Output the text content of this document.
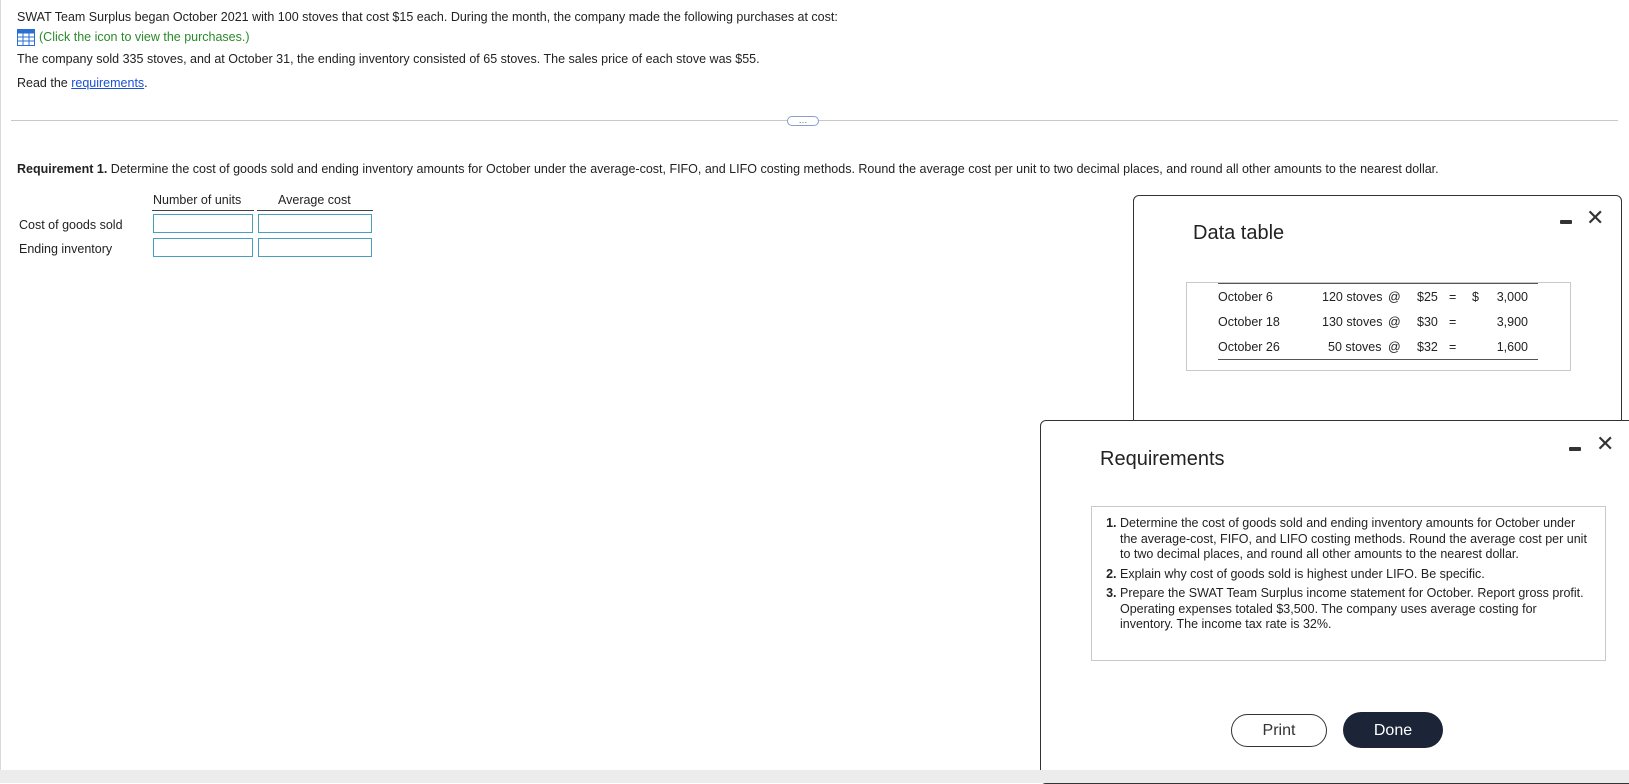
SWAT Team Surplus began October 2021 with 100 stoves that cost $15 each. During the month, the company made the following purchases at cost:

(Click the icon to view the purchases.)

The company sold 335 stoves, and at October 31, the ending inventory consisted of 65 stoves. The sales price of each stove was $55.

Read the requirements.

…
Requirement 1. Determine the cost of goods sold and ending inventory amounts for October under the average-cost, FIFO, and LIFO costing methods. Round the average cost per unit to two decimal places, and round all other amounts to the nearest dollar.
Number of units	Average cost
Cost of goods sold
Ending inventory
Data table
✕
October 6	120 stoves @ $25 = $ 3,000
October 18	130 stoves @ $30 =	3,900
October 26	50 stoves @ $32 =	1,600
Requirements
✕
1. Determine the cost of goods sold and ending inventory amounts for October under the average-cost, FIFO, and LIFO costing methods. Round the average cost per unit to two decimal places, and round all other amounts to the nearest dollar.
2. Explain why cost of goods sold is highest under LIFO. Be specific.
3. Prepare the SWAT Team Surplus income statement for October. Report gross profit. Operating expenses totaled $3,500. The company uses average costing for inventory. The income tax rate is 32%.
Print	Done
